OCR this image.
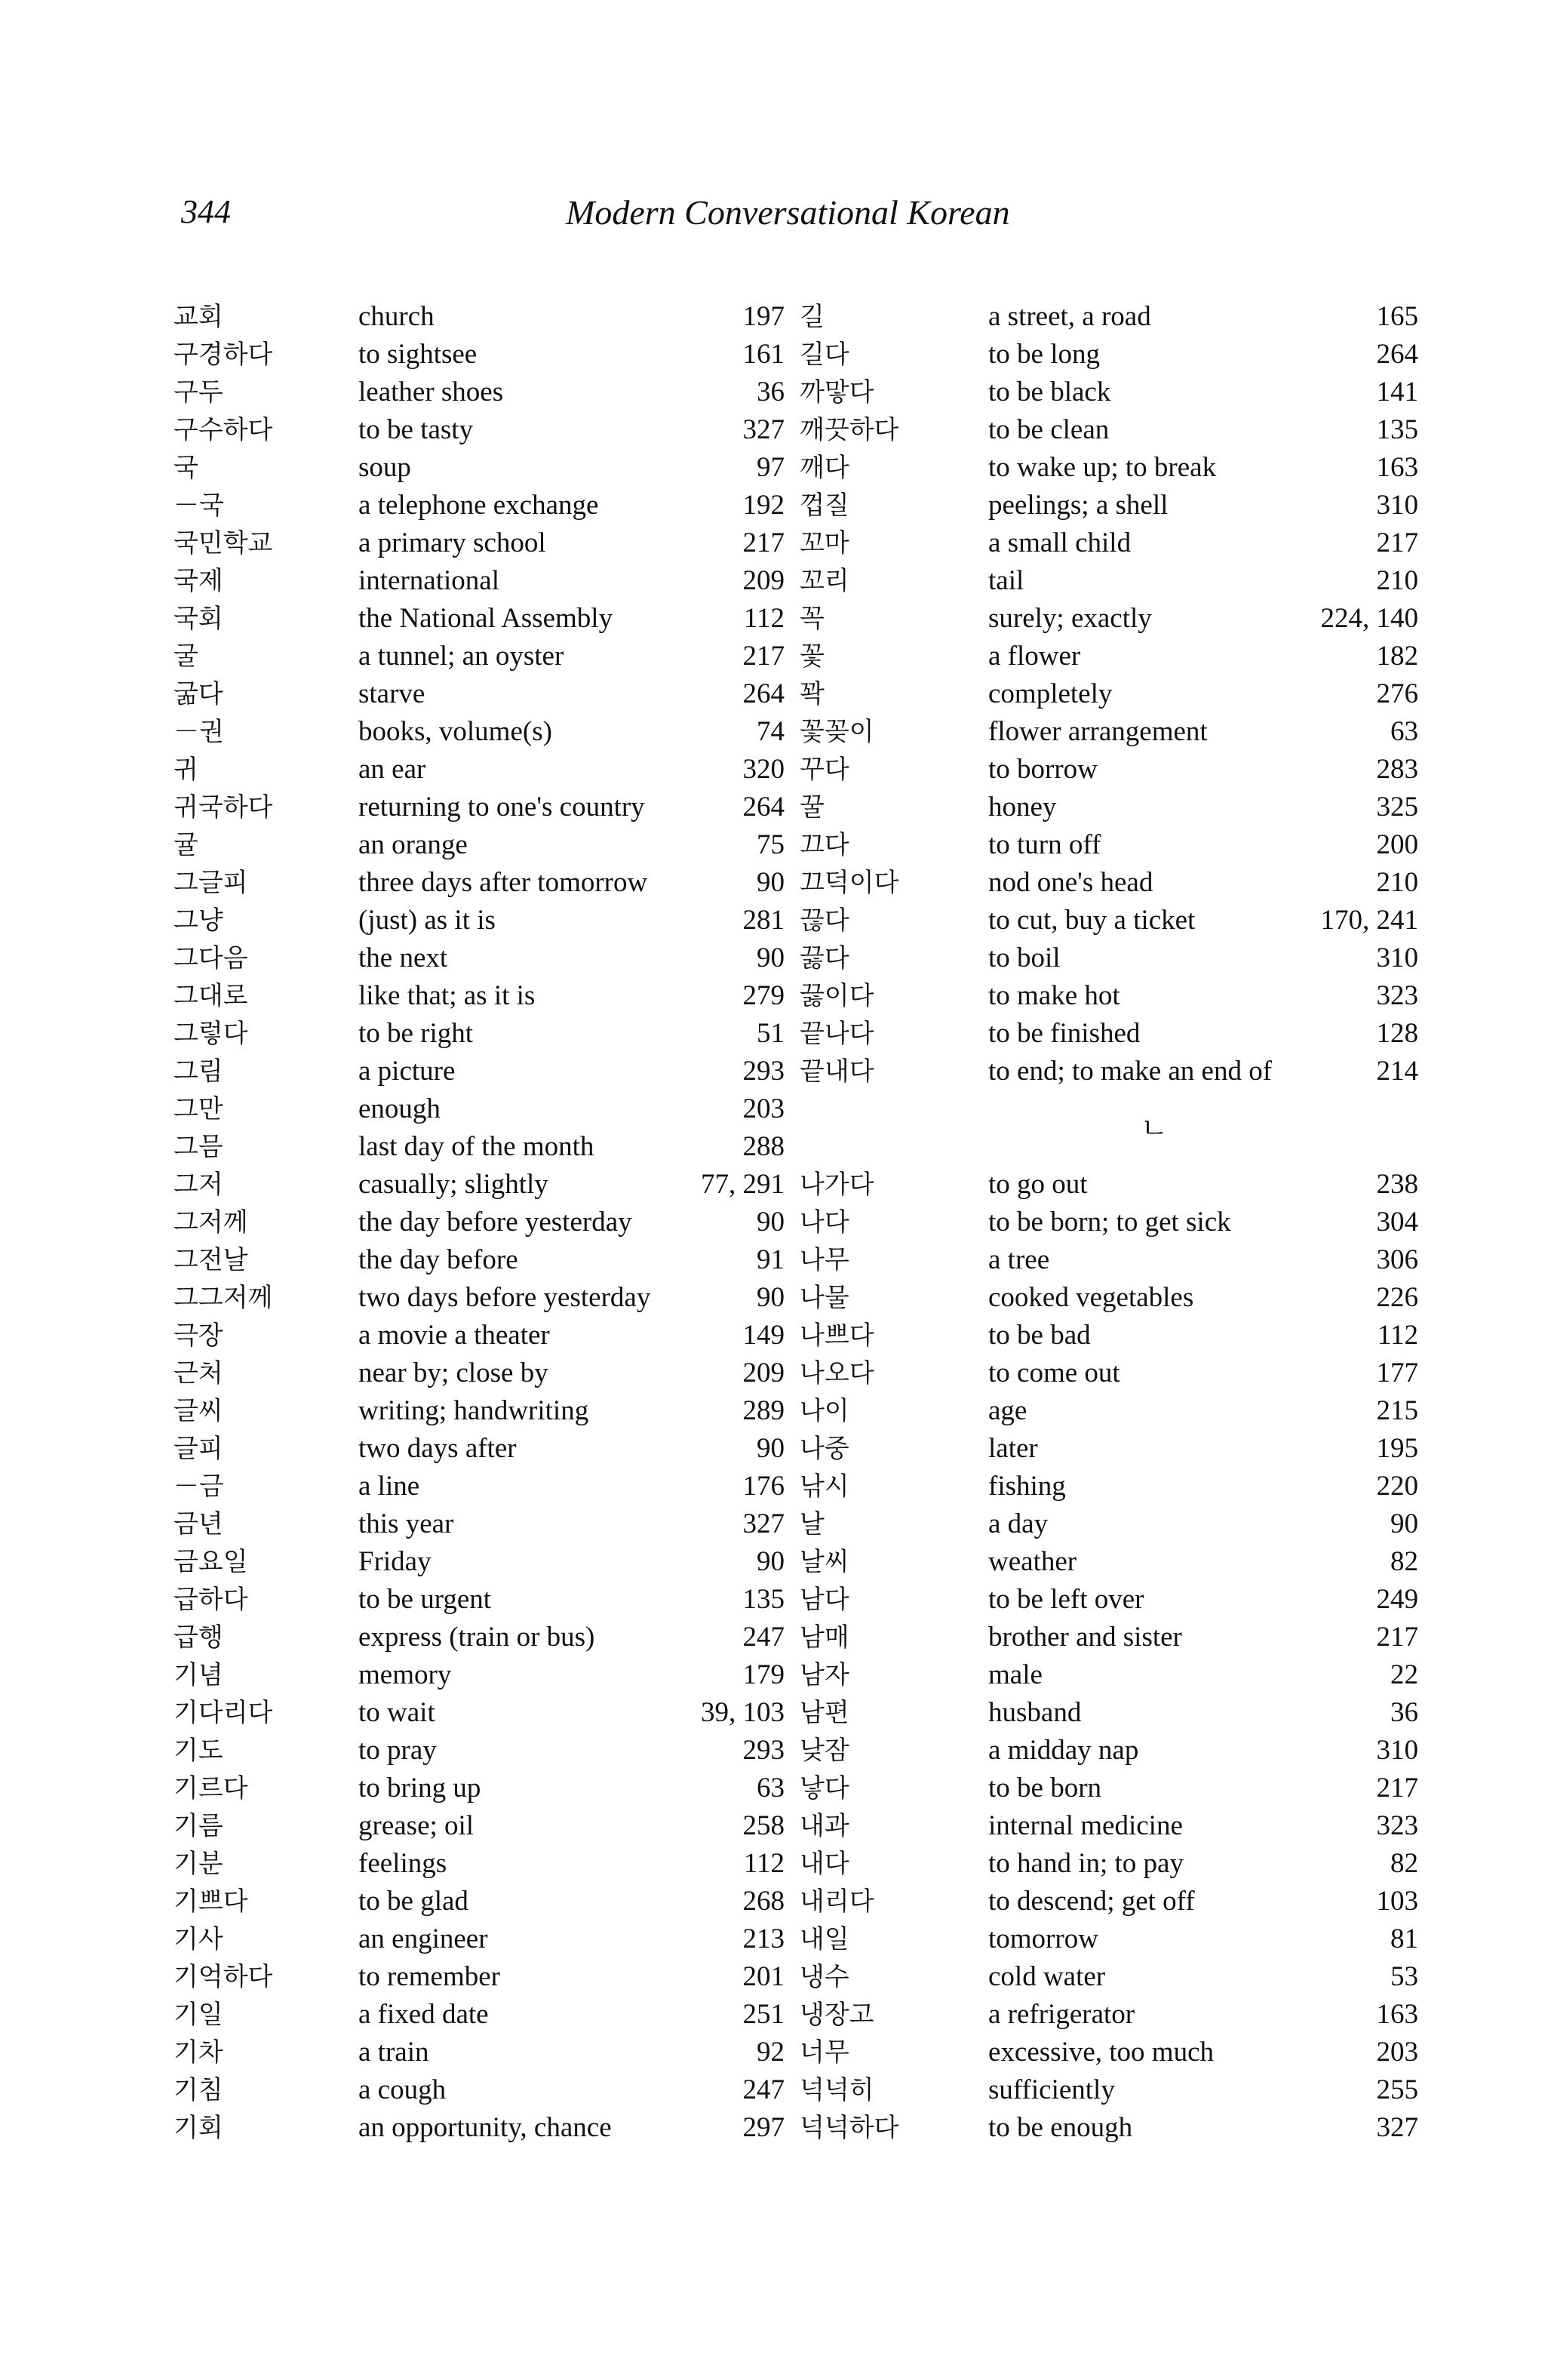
344	Modern Conversational Korean
교회	church	197
구경하다	to sightsee	161
구두	leather shoes	36
구수하다	to be tasty	327
국	soup	97
－국	a telephone exchange	192
국민학교	a primary school	217
국제	international	209
국회	the National Assembly	112
굴	a tunnel; an oyster	217
굶다	starve	264
－권	books, volume(s)	74
귀	an ear	320
귀국하다	returning to one's country	264
귤	an orange	75
그글피	three days after tomorrow	90
그냥	(just) as it is	281
그다음	the next	90
그대로	like that; as it is	279
그렇다	to be right	51
그림	a picture	293
그만	enough	203
그믐	last day of the month	288
그저	casually; slightly	77, 291
그저께	the day before yesterday	90
그전날	the day before	91
그그저께	two days before yesterday	90
극장	a movie a theater	149
근처	near by; close by	209
글씨	writing; handwriting	289
글피	two days after	90
－금	a line	176
금년	this year	327
금요일	Friday	90
급하다	to be urgent	135
급행	express (train or bus)	247
기념	memory	179
기다리다	to wait	39, 103
기도	to pray	293
기르다	to bring up	63
기름	grease; oil	258
기분	feelings	112
기쁘다	to be glad	268
기사	an engineer	213
기억하다	to remember	201
기일	a fixed date	251
기차	a train	92
기침	a cough	247
기회	an opportunity, chance	297
길	a street, a road	165
길다	to be long	264
까맣다	to be black	141
깨끗하다	to be clean	135
깨다	to wake up; to break	163
껍질	peelings; a shell	310
꼬마	a small child	217
꼬리	tail	210
꼭	surely; exactly	224, 140
꽃	a flower	182
꽉	completely	276
꽃꽂이	flower arrangement	63
꾸다	to borrow	283
꿀	honey	325
끄다	to turn off	200
끄덕이다	nod one's head	210
끊다	to cut, buy a ticket	170, 241
끓다	to boil	310
끓이다	to make hot	323
끝나다	to be finished	128
끝내다	to end; to make an end of	214
ㄴ
나가다	to go out	238
나다	to be born; to get sick	304
나무	a tree	306
나물	cooked vegetables	226
나쁘다	to be bad	112
나오다	to come out	177
나이	age	215
나중	later	195
낚시	fishing	220
날	a day	90
날씨	weather	82
남다	to be left over	249
남매	brother and sister	217
남자	male	22
남편	husband	36
낮잠	a midday nap	310
낳다	to be born	217
내과	internal medicine	323
내다	to hand in; to pay	82
내리다	to descend; get off	103
내일	tomorrow	81
냉수	cold water	53
냉장고	a refrigerator	163
너무	excessive, too much	203
넉넉히	sufficiently	255
넉넉하다	to be enough	327
